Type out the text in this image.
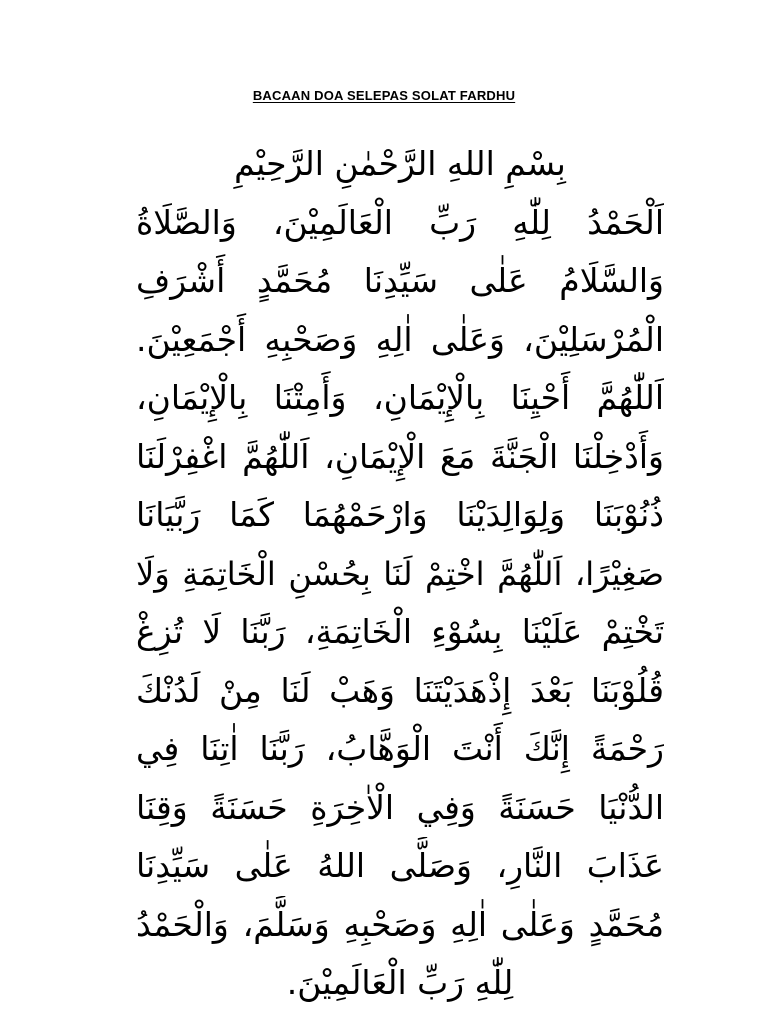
BACAAN DOA SELEPAS SOLAT FARDHU
بِسْمِ اللهِ الرَّحْمٰنِ الرَّحِيْمِ
اَلْحَمْدُ لِلّٰهِ رَبِّ الْعَالَمِيْنَ، وَالصَّلَاةُ
وَالسَّلَامُ عَلٰى سَيِّدِنَا مُحَمَّدٍ أَشْرَفِ
الْمُرْسَلِيْنَ، وَعَلٰى اٰلِهِ وَصَحْبِهِ أَجْمَعِيْنَ.
اَللّٰهُمَّ أَحْيِنَا بِالْإِيْمَانِ، وَأَمِتْنَا بِالْإِيْمَانِ،
وَأَدْخِلْنَا الْجَنَّةَ مَعَ الْإِيْمَانِ، اَللّٰهُمَّ اغْفِرْلَنَا
ذُنُوْبَنَا وَلِوَالِدَيْنَا وَارْحَمْهُمَا كَمَا رَبَّيَانَا
صَغِيْرًا، اَللّٰهُمَّ اخْتِمْ لَنَا بِحُسْنِ الْخَاتِمَةِ وَلَا
تَخْتِمْ عَلَيْنَا بِسُوْءِ الْخَاتِمَةِ، رَبَّنَا لَا تُزِغْ
قُلُوْبَنَا بَعْدَ إِذْهَدَيْتَنَا وَهَبْ لَنَا مِنْ لَدُنْكَ
رَحْمَةً إِنَّكَ أَنْتَ الْوَهَّابُ، رَبَّنَا اٰتِنَا فِي
الدُّنْيَا حَسَنَةً وَفِي الْاٰخِرَةِ حَسَنَةً وَقِنَا
عَذَابَ النَّارِ، وَصَلَّى اللهُ عَلٰى سَيِّدِنَا
مُحَمَّدٍ وَعَلٰى اٰلِهِ وَصَحْبِهِ وَسَلَّمَ، وَالْحَمْدُ
لِلّٰهِ رَبِّ الْعَالَمِيْنَ.
